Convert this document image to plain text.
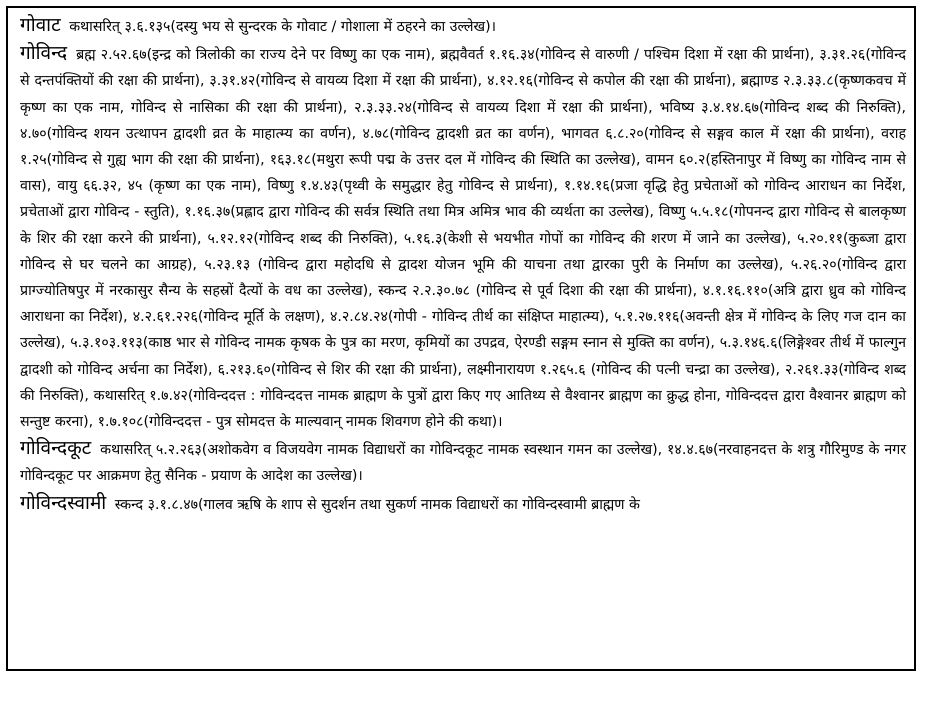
गोवाट कथासरित् ३.६.१३५(दस्यु भय से सुन्दरक के गोवाट / गोशाला में ठहरने का उल्लेख)।

गोविन्द ब्रह्म २.५२.६७(इन्द्र को त्रिलोकी का राज्य देने पर विष्णु का एक नाम), ब्रह्मवैवर्त १.१६.३४(गोविन्द से वारुणी / पश्चिम दिशा में रक्षा की प्रार्थना), ३.३१.२६(गोविन्द से दन्तपंक्तियों की रक्षा की प्रार्थना), ३.३१.४२(गोविन्द से वायव्य दिशा में रक्षा की प्रार्थना), ४.१२.१६(गोविन्द से कपोल की रक्षा की प्रार्थना), ब्रह्माण्ड २.३.३३.८(कृष्णकवच में कृष्ण का एक नाम, गोविन्द से नासिका की रक्षा की प्रार्थना), २.३.३३.२४(गोविन्द से वायव्य दिशा में रक्षा की प्रार्थना), भविष्य ३.४.१४.६७(गोविन्द शब्द की निरुक्ति), ४.७०(गोविन्द शयन उत्थापन द्वादशी व्रत के माहात्म्य का वर्णन), ४.७८(गोविन्द द्वादशी व्रत का वर्णन), भागवत ६.८.२०(गोविन्द से सङ्गव काल में रक्षा की प्रार्थना), वराह १.२५(गोविन्द से गुह्य भाग की रक्षा की प्रार्थना), १६३.१८(मथुरा रूपी पद्म के उत्तर दल में गोविन्द की स्थिति का उल्लेख), वामन ६०.२(हस्तिनापुर में विष्णु का गोविन्द नाम से वास), वायु ६६.३२, ४५ (कृष्ण का एक नाम), विष्णु १.४.४३(पृथ्वी के समुद्धार हेतु गोविन्द से प्रार्थना), १.१४.१६(प्रजा वृद्धि हेतु प्रचेताओं को गोविन्द आराधन का निर्देश, प्रचेताओं द्वारा गोविन्द - स्तुति), १.१६.३७(प्रह्लाद द्वारा गोविन्द की सर्वत्र स्थिति तथा मित्र अमित्र भाव की व्यर्थता का उल्लेख), विष्णु ५.५.१८(गोपनन्द द्वारा गोविन्द से बालकृष्ण के शिर की रक्षा करने की प्रार्थना), ५.१२.१२(गोविन्द शब्द की निरुक्ति), ५.१६.३(केशी से भयभीत गोपों का गोविन्द की शरण में जाने का उल्लेख), ५.२०.११(कुब्जा द्वारा गोविन्द से घर चलने का आग्रह), ५.२३.१३ (गोविन्द द्वारा महोदधि से द्वादश योजन भूमि की याचना तथा द्वारका पुरी के निर्माण का उल्लेख), ५.२६.२०(गोविन्द द्वारा प्राग्ज्योतिषपुर में नरकासुर सैन्य के सहस्रों दैत्यों के वध का उल्लेख), स्कन्द २.२.३०.७८ (गोविन्द से पूर्व दिशा की रक्षा की प्रार्थना), ४.१.१६.११०(अत्रि द्वारा ध्रुव को गोविन्द आराधना का निर्देश), ४.२.६१.२२६(गोविन्द मूर्ति के लक्षण), ४.२.८४.२४(गोपी - गोविन्द तीर्थ का संक्षिप्त माहात्म्य), ५.१.२७.११६(अवन्ती क्षेत्र में गोविन्द के लिए गज दान का उल्लेख), ५.३.१०३.११३(काष्ठ भार से गोविन्द नामक कृषक के पुत्र का मरण, कृमियों का उपद्रव, ऐरण्डी सङ्गम स्नान से मुक्ति का वर्णन), ५.३.१४६.६(लिङ्गेश्वर तीर्थ में फाल्गुन द्वादशी को गोविन्द अर्चना का निर्देश), ६.२१३.६०(गोविन्द से शिर की रक्षा की प्रार्थना), लक्ष्मीनारायण १.२६५.६ (गोविन्द की पत्नी चन्द्रा का उल्लेख), २.२६१.३३(गोविन्द शब्द की निरुक्ति), कथासरित् १.७.४२(गोविन्ददत्त : गोविन्ददत्त नामक ब्राह्मण के पुत्रों द्वारा किए गए आतिथ्य से वैश्वानर ब्राह्मण का क्रुद्ध होना, गोविन्ददत्त द्वारा वैश्वानर ब्राह्मण को सन्तुष्ट करना), १.७.१०८(गोविन्ददत्त - पुत्र सोमदत्त के माल्यवान् नामक शिवगण होने की कथा)।

गोविन्दकूट कथासरित् ५.२.२६३(अशोकवेग व विजयवेग नामक विद्याधरों का गोविन्दकूट नामक स्वस्थान गमन का उल्लेख), १४.४.६७(नरवाहनदत्त के शत्रु गौरिमुण्ड के नगर गोविन्दकूट पर आक्रमण हेतु सैनिक - प्रयाण के आदेश का उल्लेख)।

गोविन्दस्वामी स्कन्द ३.१.८.४७(गालव ऋषि के शाप से सुदर्शन तथा सुकर्ण नामक विद्याधरों का गोविन्दस्वामी ब्राह्मण के
